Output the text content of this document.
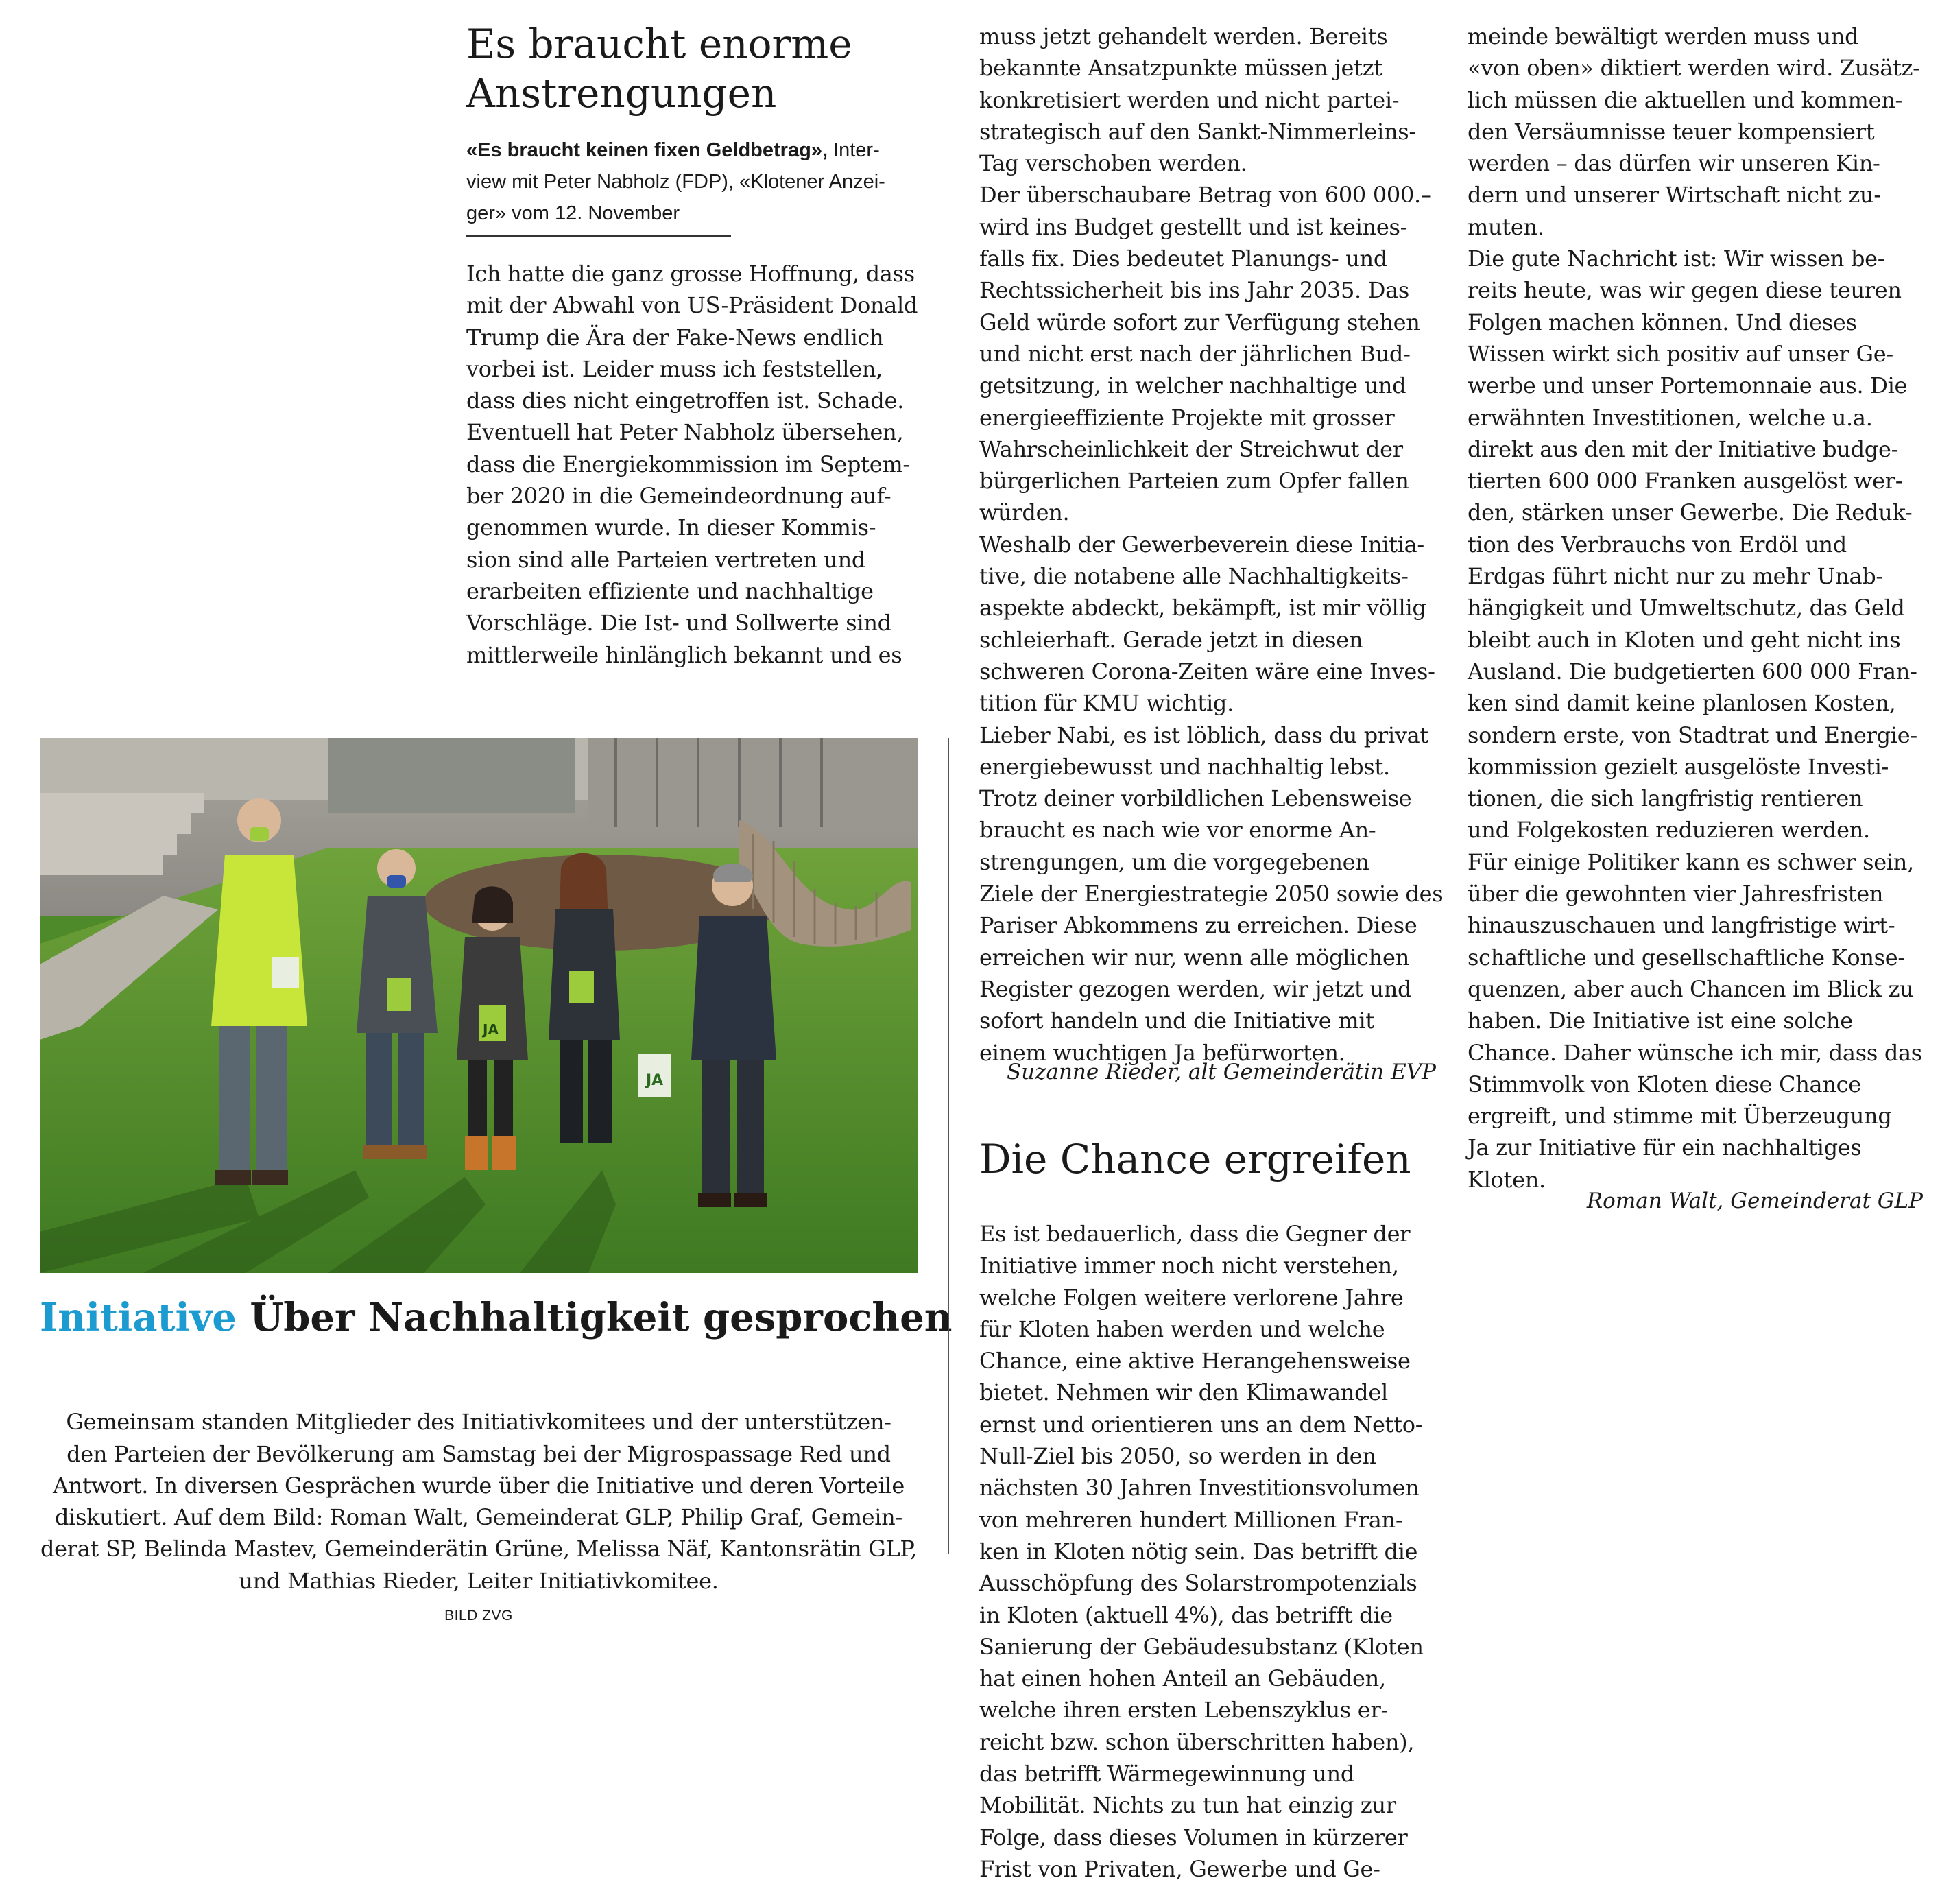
Es braucht enorme
Anstrengungen
«Es braucht keinen fixen Geldbetrag», Inter-
view mit Peter Nabholz (FDP), «Klotener Anzei-
ger» vom 12. November

Ich hatte die ganz grosse Hoffnung, dass
mit der Abwahl von US-Präsident Donald
Trump die Ära der Fake-News endlich
vorbei ist. Leider muss ich feststellen,
dass dies nicht eingetroffen ist. Schade.
Eventuell hat Peter Nabholz übersehen,
dass die Energiekommission im Septem-
ber 2020 in die Gemeindeordnung auf-
genommen wurde. In dieser Kommis-
sion sind alle Parteien vertreten und
erarbeiten effiziente und nachhaltige
Vorschläge. Die Ist- und Sollwerte sind
mittlerweile hinlänglich bekannt und es

JA
JA
Initiative Über Nachhaltigkeit gesprochen

Gemeinsam standen Mitglieder des Initiativkomitees und der unterstützen-
den Parteien der Bevölkerung am Samstag bei der Migrospassage Red und
Antwort. In diversen Gesprächen wurde über die Initiative und deren Vorteile
diskutiert. Auf dem Bild: Roman Walt, Gemeinderat GLP, Philip Graf, Gemein-
derat SP, Belinda Mastev, Gemeinderätin Grüne, Melissa Näf, Kantonsrätin GLP,
und Mathias Rieder, Leiter Initiativkomitee.
BILD ZVG

muss jetzt gehandelt werden. Bereits
bekannte Ansatzpunkte müssen jetzt
konkretisiert werden und nicht partei-
strategisch auf den Sankt-Nimmerleins-
Tag verschoben werden.
Der überschaubare Betrag von 600 000.–
wird ins Budget gestellt und ist keines-
falls fix. Dies bedeutet Planungs- und
Rechtssicherheit bis ins Jahr 2035. Das
Geld würde sofort zur Verfügung stehen
und nicht erst nach der jährlichen Bud-
getsitzung, in welcher nachhaltige und
energieeffiziente Projekte mit grosser
Wahrscheinlichkeit der Streichwut der
bürgerlichen Parteien zum Opfer fallen
würden.
Weshalb der Gewerbeverein diese Initia-
tive, die notabene alle Nachhaltigkeits-
aspekte abdeckt, bekämpft, ist mir völlig
schleierhaft. Gerade jetzt in diesen
schweren Corona-Zeiten wäre eine Inves-
tition für KMU wichtig.
Lieber Nabi, es ist löblich, dass du privat
energiebewusst und nachhaltig lebst.
Trotz deiner vorbildlichen Lebensweise
braucht es nach wie vor enorme An-
strengungen, um die vorgegebenen
Ziele der Energiestrategie 2050 sowie des
Pariser Abkommens zu erreichen. Diese
erreichen wir nur, wenn alle möglichen
Register gezogen werden, wir jetzt und
sofort handeln und die Initiative mit
einem wuchtigen Ja befürworten.

Suzanne Rieder, alt Gemeinderätin EVP
Die Chance ergreifen

Es ist bedauerlich, dass die Gegner der
Initiative immer noch nicht verstehen,
welche Folgen weitere verlorene Jahre
für Kloten haben werden und welche
Chance, eine aktive Herangehensweise
bietet. Nehmen wir den Klimawandel
ernst und orientieren uns an dem Netto-
Null-Ziel bis 2050, so werden in den
nächsten 30 Jahren Investitionsvolumen
von mehreren hundert Millionen Fran-
ken in Kloten nötig sein. Das betrifft die
Ausschöpfung des Solarstrompotenzials
in Kloten (aktuell 4%), das betrifft die
Sanierung der Gebäudesubstanz (Kloten
hat einen hohen Anteil an Gebäuden,
welche ihren ersten Lebenszyklus er-
reicht bzw. schon überschritten haben),
das betrifft Wärmegewinnung und
Mobilität. Nichts zu tun hat einzig zur
Folge, dass dieses Volumen in kürzerer
Frist von Privaten, Gewerbe und Ge-

meinde bewältigt werden muss und
«von oben» diktiert werden wird. Zusätz-
lich müssen die aktuellen und kommen-
den Versäumnisse teuer kompensiert
werden – das dürfen wir unseren Kin-
dern und unserer Wirtschaft nicht zu-
muten.
Die gute Nachricht ist: Wir wissen be-
reits heute, was wir gegen diese teuren
Folgen machen können. Und dieses
Wissen wirkt sich positiv auf unser Ge-
werbe und unser Portemonnaie aus. Die
erwähnten Investitionen, welche u.a.
direkt aus den mit der Initiative budge-
tierten 600 000 Franken ausgelöst wer-
den, stärken unser Gewerbe. Die Reduk-
tion des Verbrauchs von Erdöl und
Erdgas führt nicht nur zu mehr Unab-
hängigkeit und Umweltschutz, das Geld
bleibt auch in Kloten und geht nicht ins
Ausland. Die budgetierten 600 000 Fran-
ken sind damit keine planlosen Kosten,
sondern erste, von Stadtrat und Energie-
kommission gezielt ausgelöste Investi-
tionen, die sich langfristig rentieren
und Folgekosten reduzieren werden.
Für einige Politiker kann es schwer sein,
über die gewohnten vier Jahresfristen
hinauszuschauen und langfristige wirt-
schaftliche und gesellschaftliche Konse-
quenzen, aber auch Chancen im Blick zu
haben. Die Initiative ist eine solche
Chance. Daher wünsche ich mir, dass das
Stimmvolk von Kloten diese Chance
ergreift, und stimme mit Überzeugung
Ja zur Initiative für ein nachhaltiges
Kloten.

Roman Walt, Gemeinderat GLP
